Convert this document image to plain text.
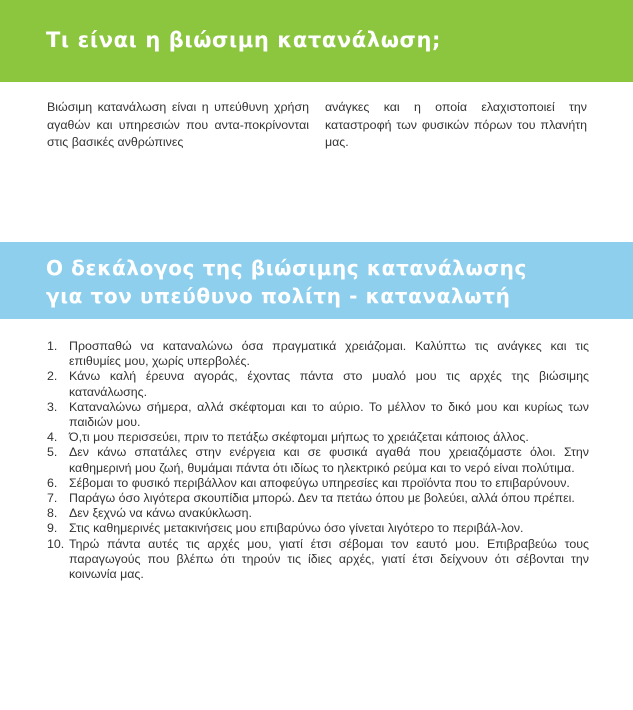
Τι είναι η βιώσιμη κατανάλωση;

Βιώσιμη κατανάλωση είναι η υπεύθυνη χρήση αγαθών και υπηρεσιών που αντα-ποκρίνονται στις βασικές ανθρώπινες

ανάγκες και η οποία ελαχιστοποιεί την καταστροφή των φυσικών πόρων του πλανήτη μας.

Ο δεκάλογος της βιώσιμης κατανάλωσης
για τον υπεύθυνο πολίτη - καταναλωτή
1. Προσπαθώ να καταναλώνω όσα πραγματικά χρειάζομαι. Καλύπτω τις ανάγκες και τις επιθυμίες μου, χωρίς υπερβολές.
2. Κάνω καλή έρευνα αγοράς, έχοντας πάντα στο μυαλό μου τις αρχές της βιώσιμης κατανάλωσης.
3. Καταναλώνω σήμερα, αλλά σκέφτομαι και το αύριο. Το μέλλον το δικό μου και κυρίως των παιδιών μου.
4. Ό,τι μου περισσεύει, πριν το πετάξω σκέφτομαι μήπως το χρειάζεται κάποιος άλλος.
5. Δεν κάνω σπατάλες στην ενέργεια και σε φυσικά αγαθά που χρειαζόμαστε όλοι. Στην καθημερινή μου ζωή, θυμάμαι πάντα ότι ιδίως το ηλεκτρικό ρεύμα και το νερό είναι πολύτιμα.
6. Σέβομαι το φυσικό περιβάλλον και αποφεύγω υπηρεσίες και προϊόντα που το επιβαρύνουν.
7. Παράγω όσο λιγότερα σκουπίδια μπορώ. Δεν τα πετάω όπου με βολεύει, αλλά όπου πρέπει.
8. Δεν ξεχνώ να κάνω ανακύκλωση.
9. Στις καθημερινές μετακινήσεις μου επιβαρύνω όσο γίνεται λιγότερο το περιβάλ-λον.
10. Τηρώ πάντα αυτές τις αρχές μου, γιατί έτσι σέβομαι τον εαυτό μου. Επιβραβεύω τους παραγωγούς που βλέπω ότι τηρούν τις ίδιες αρχές, γιατί έτσι δείχνουν ότι σέβονται την κοινωνία μας.
